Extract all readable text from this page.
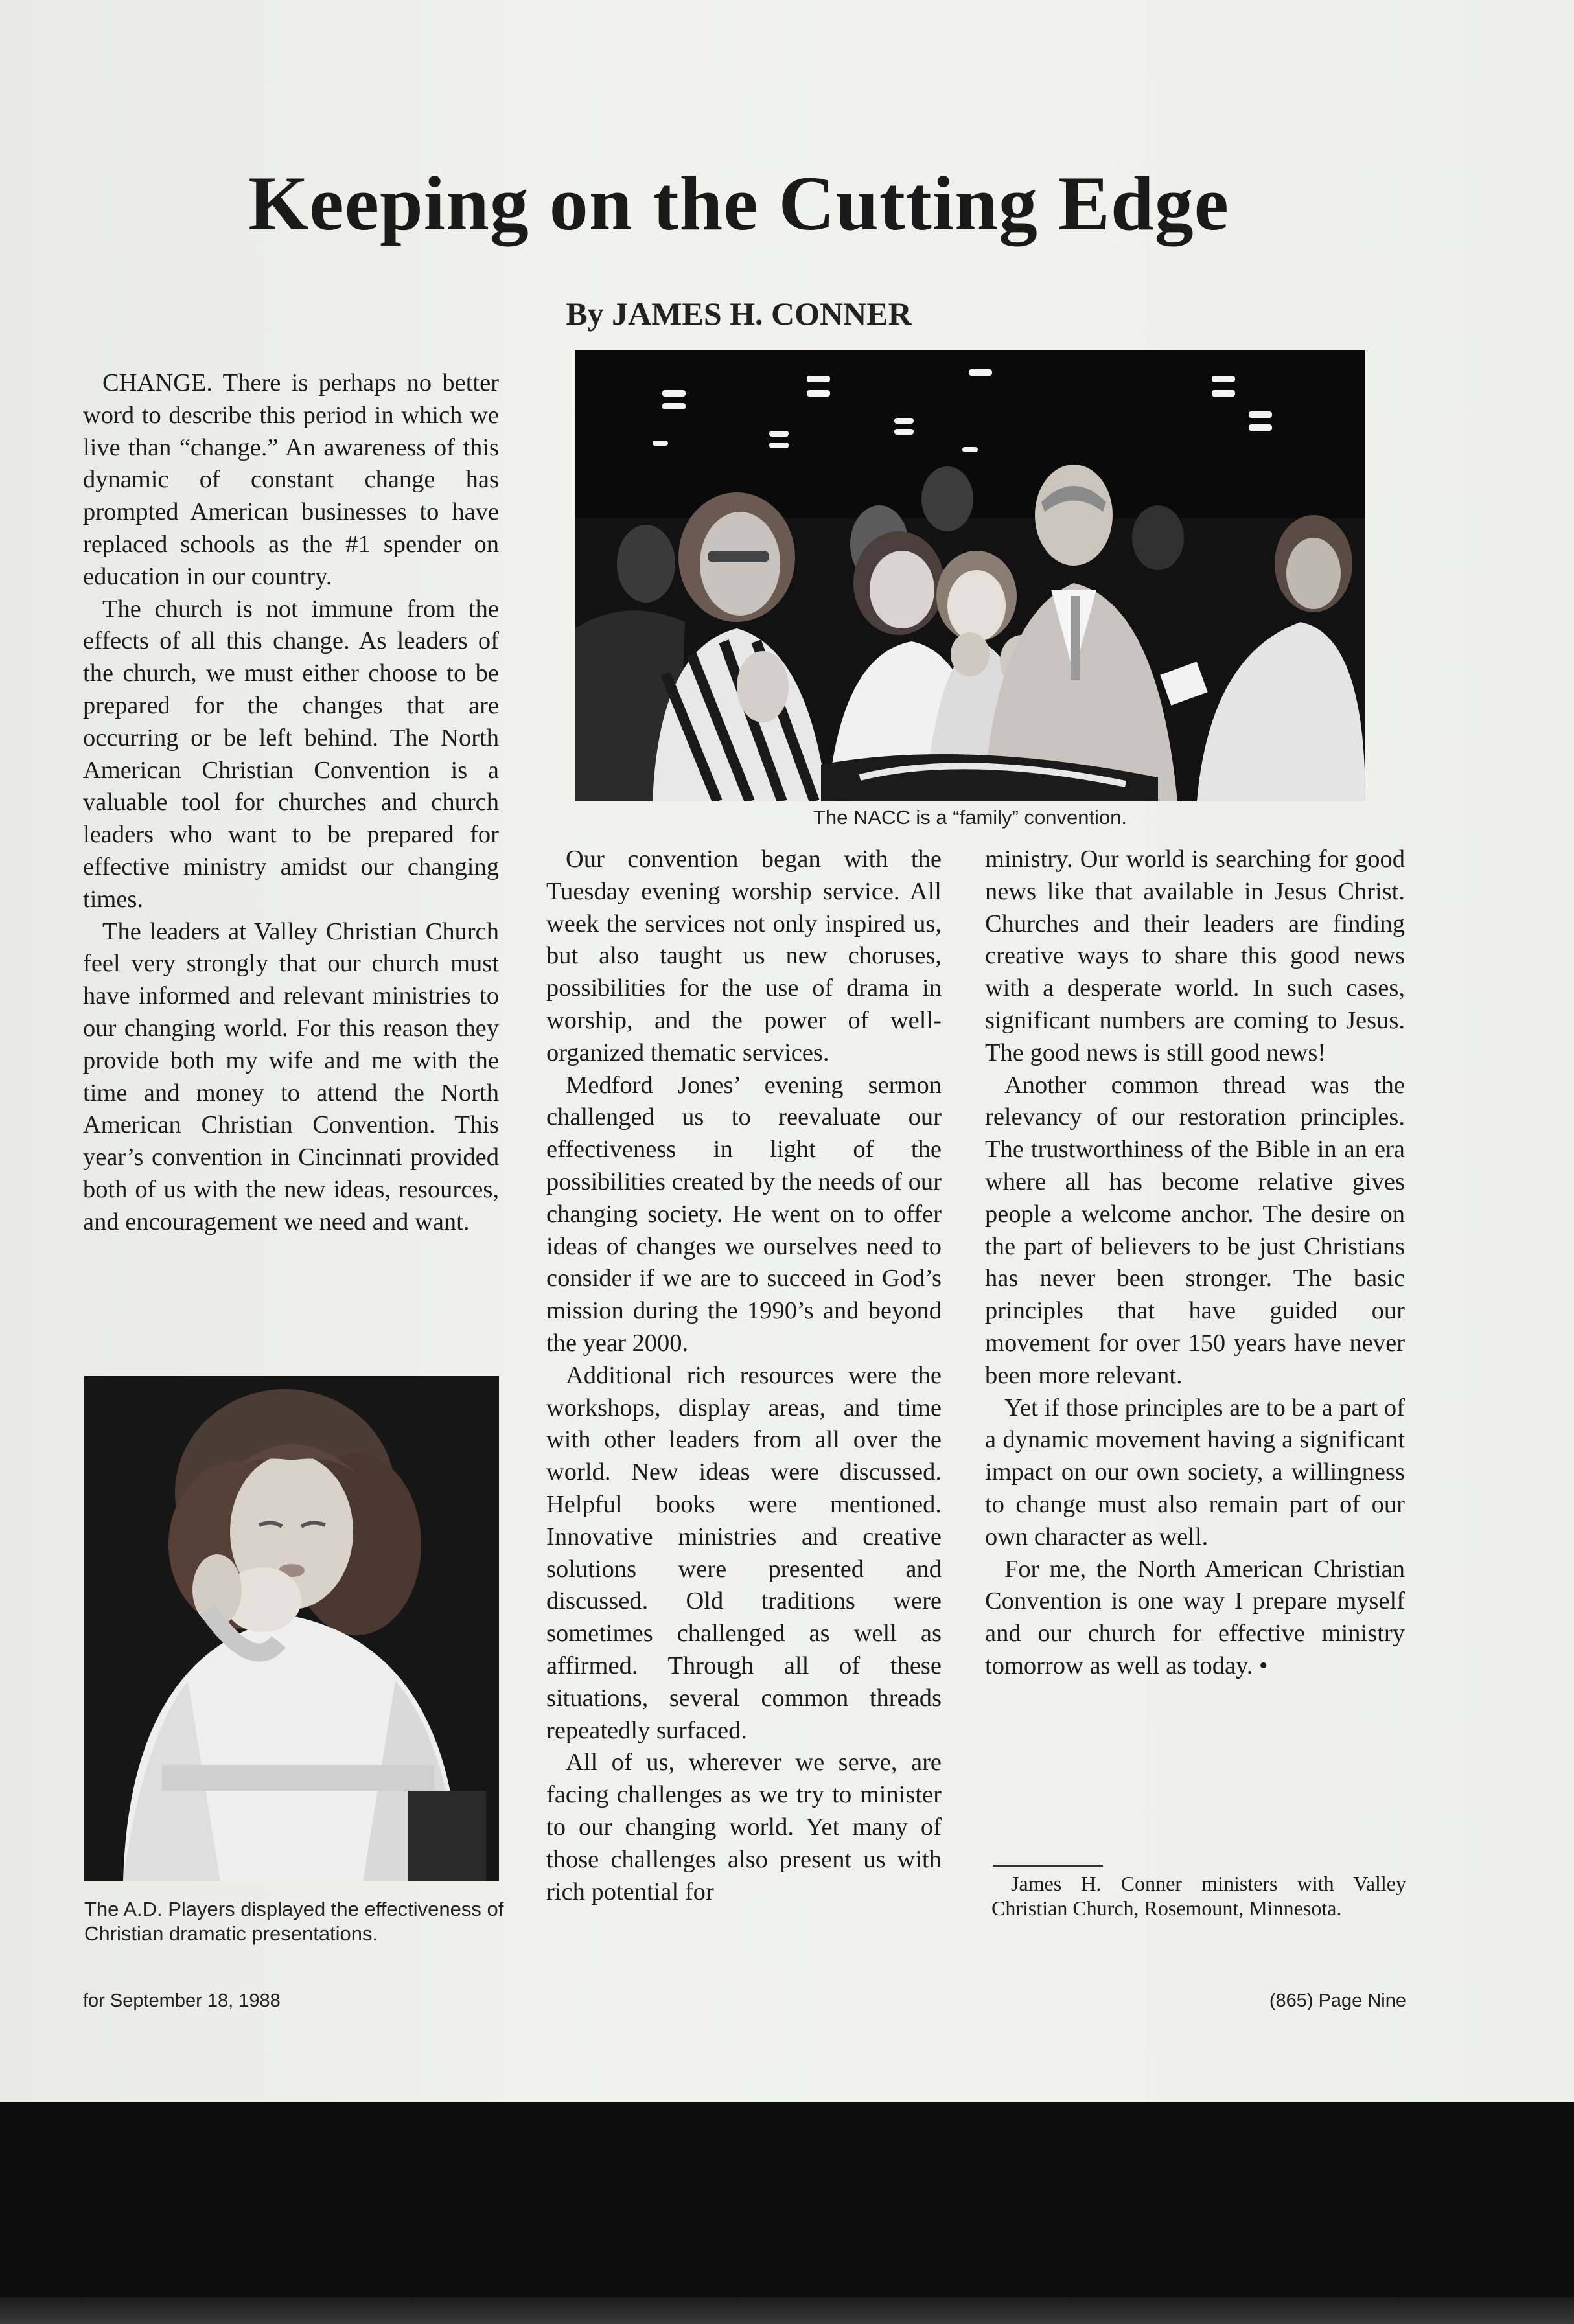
Keeping on the Cutting Edge
By JAMES H. CONNER

The NACC is a “family” convention.

CHANGE. There is perhaps no better word to describe this period in which we live than “change.” An awareness of this dynamic of constant change has prompted American businesses to have replaced schools as the #1 spender on education in our country.

The church is not immune from the effects of all this change. As leaders of the church, we must either choose to be prepared for the changes that are occurring or be left behind. The North American Christian Convention is a valuable tool for churches and church leaders who want to be prepared for effective ministry amidst our changing times.

The leaders at Valley Christian Church feel very strongly that our church must have informed and relevant ministries to our changing world. For this reason they provide both my wife and me with the time and money to attend the North American Christian Convention. This year’s convention in Cincinnati provided both of us with the new ideas, resources, and encouragement we need and want.

The A.D. Players displayed the effectiveness of Christian dramatic presentations.

Our convention began with the Tuesday evening worship service. All week the services not only inspired us, but also taught us new choruses, possibilities for the use of drama in worship, and the power of well-organized thematic services.

Medford Jones’ evening sermon challenged us to reevaluate our effectiveness in light of the possibilities created by the needs of our changing society. He went on to offer ideas of changes we ourselves need to consider if we are to succeed in God’s mission during the 1990’s and beyond the year 2000.

Additional rich resources were the workshops, display areas, and time with other leaders from all over the world. New ideas were discussed. Helpful books were mentioned. Innovative ministries and creative solutions were presented and discussed. Old traditions were sometimes challenged as well as affirmed. Through all of these situations, several common threads repeatedly surfaced.

All of us, wherever we serve, are facing challenges as we try to minister to our changing world. Yet many of those challenges also present us with rich potential for

ministry. Our world is searching for good news like that available in Jesus Christ. Churches and their leaders are finding creative ways to share this good news with a desperate world. In such cases, significant numbers are coming to Jesus. The good news is still good news!

Another common thread was the relevancy of our restoration principles. The trustworthiness of the Bible in an era where all has become relative gives people a welcome anchor. The desire on the part of believers to be just Christians has never been stronger. The basic principles that have guided our movement for over 150 years have never been more relevant.

Yet if those principles are to be a part of a dynamic movement having a significant impact on our own society, a willingness to change must also remain part of our own character as well.

For me, the North American Christian Convention is one way I prepare myself and our church for effective ministry tomorrow as well as today. •

James H. Conner ministers with Valley Christian Church, Rosemount, Minnesota.

for September 18, 1988	(865) Page Nine
